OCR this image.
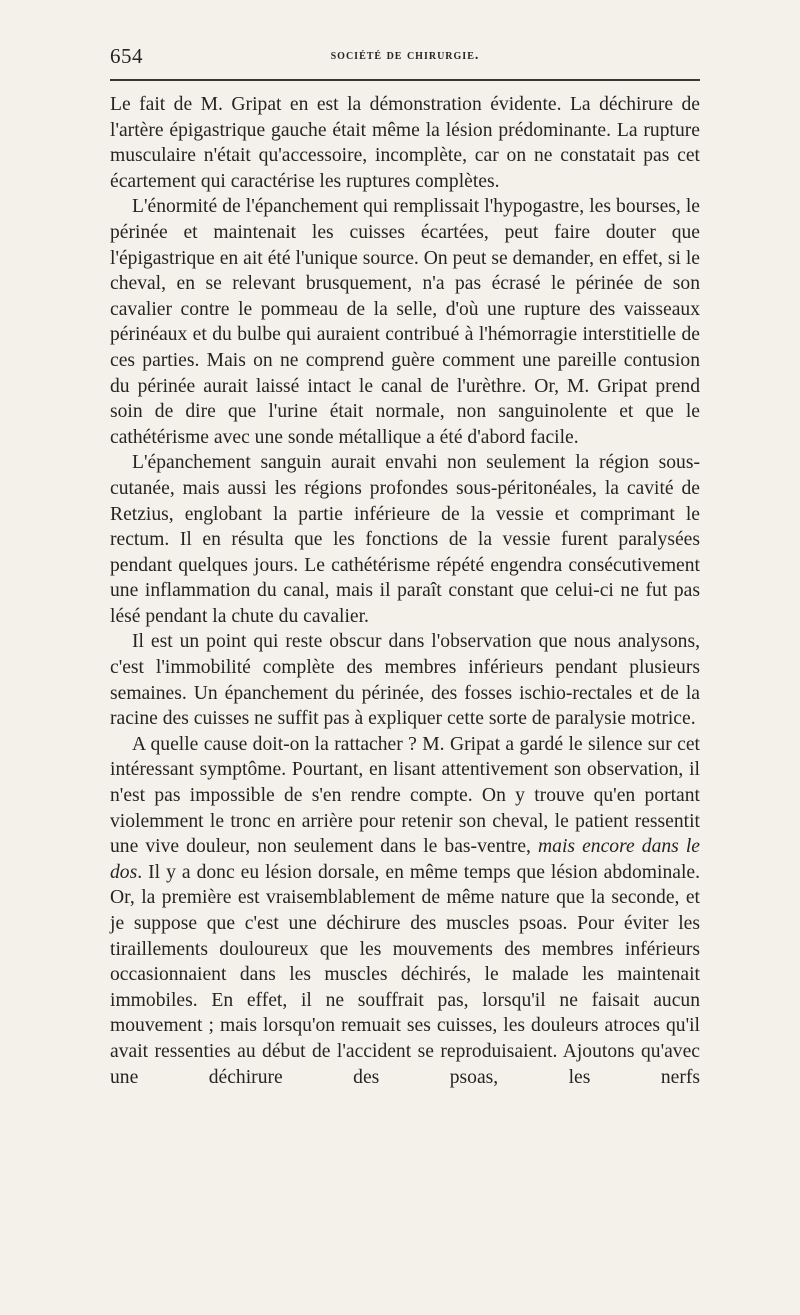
654	société de chirurgie.

Le fait de M. Gripat en est la démonstration évidente. La déchirure de l'artère épigastrique gauche était même la lésion prédominante. La rupture musculaire n'était qu'accessoire, incomplète, car on ne constatait pas cet écartement qui caractérise les ruptures complètes.

L'énormité de l'épanchement qui remplissait l'hypogastre, les bourses, le périnée et maintenait les cuisses écartées, peut faire douter que l'épigastrique en ait été l'unique source. On peut se demander, en effet, si le cheval, en se relevant brusquement, n'a pas écrasé le périnée de son cavalier contre le pommeau de la selle, d'où une rupture des vaisseaux périnéaux et du bulbe qui auraient contribué à l'hémorragie interstitielle de ces parties. Mais on ne comprend guère comment une pareille contusion du périnée aurait laissé intact le canal de l'urèthre. Or, M. Gripat prend soin de dire que l'urine était normale, non sanguinolente et que le cathétérisme avec une sonde métallique a été d'abord facile.

L'épanchement sanguin aurait envahi non seulement la région sous-cutanée, mais aussi les régions profondes sous-péritonéales, la cavité de Retzius, englobant la partie inférieure de la vessie et comprimant le rectum. Il en résulta que les fonctions de la vessie furent paralysées pendant quelques jours. Le cathétérisme répété engendra consécutivement une inflammation du canal, mais il paraît constant que celui-ci ne fut pas lésé pendant la chute du cavalier.

Il est un point qui reste obscur dans l'observation que nous analysons, c'est l'immobilité complète des membres inférieurs pendant plusieurs semaines. Un épanchement du périnée, des fosses ischio-rectales et de la racine des cuisses ne suffit pas à expliquer cette sorte de paralysie motrice.

A quelle cause doit-on la rattacher ? M. Gripat a gardé le silence sur cet intéressant symptôme. Pourtant, en lisant attentivement son observation, il n'est pas impossible de s'en rendre compte. On y trouve qu'en portant violemment le tronc en arrière pour retenir son cheval, le patient ressentit une vive douleur, non seulement dans le bas-ventre, mais encore dans le dos. Il y a donc eu lésion dorsale, en même temps que lésion abdominale. Or, la première est vraisemblablement de même nature que la seconde, et je suppose que c'est une déchirure des muscles psoas. Pour éviter les tiraillements douloureux que les mouvements des membres inférieurs occasionnaient dans les muscles déchirés, le malade les maintenait immobiles. En effet, il ne souffrait pas, lorsqu'il ne faisait aucun mouvement ; mais lorsqu'on remuait ses cuisses, les douleurs atroces qu'il avait ressenties au début de l'accident se reproduisaient. Ajoutons qu'avec une déchirure des psoas, les nerfs
